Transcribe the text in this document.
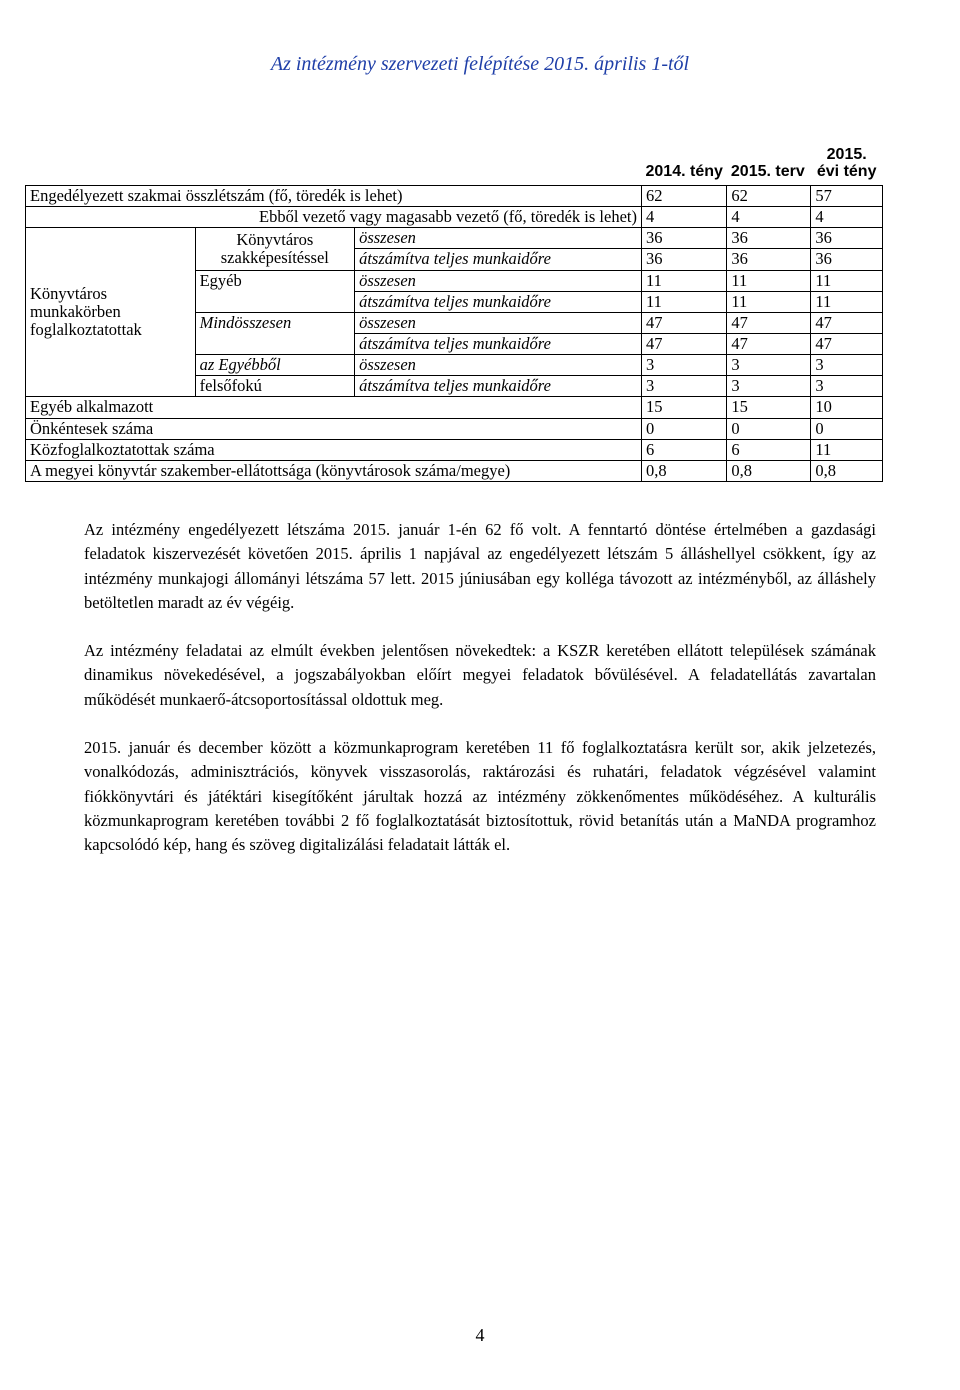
Az intézmény szervezeti felépítése 2015. április 1-től
			2014. tény	2015. terv	2015. évi tény
Engedélyezett szakmai összlétszám (fő, töredék is lehet)			62	62	57
Ebből vezető vagy magasabb vezető (fő, töredék is lehet)			4	4	4
Könyvtáros munkakörben foglalkoztatottak	Könyvtáros szakképesítéssel	összesen	36	36	36
		átszámítva teljes munkaidőre	36	36	36
	Egyéb	összesen	11	11	11
		átszámítva teljes munkaidőre	11	11	11
	Mindösszesen	összesen	47	47	47
		átszámítva teljes munkaidőre	47	47	47
	az Egyébből	összesen	3	3	3
	felsőfokú	átszámítva teljes munkaidőre	3	3	3
Egyéb alkalmazott			15	15	10
Önkéntesek száma			0	0	0
Közfoglalkoztatottak száma			6	6	11
A megyei könyvtár szakember-ellátottsága (könyvtárosok száma/megye)			0,8	0,8	0,8

Az intézmény engedélyezett létszáma 2015. január 1-én 62 fő volt. A fenntartó döntése értelmében a gazdasági feladatok kiszervezését követően 2015. április 1 napjával az engedélyezett létszám 5 álláshellyel csökkent, így az intézmény munkajogi állományi létszáma 57 lett. 2015 júniusában egy kolléga távozott az intézményből, az álláshely betöltetlen maradt az év végéig.

Az intézmény feladatai az elmúlt években jelentősen növekedtek: a KSZR keretében ellátott települések számának dinamikus növekedésével, a jogszabályokban előírt megyei feladatok bővülésével. A feladatellátás zavartalan működését munkaerő-átcsoportosítással oldottuk meg.

2015. január és december között a közmunkaprogram keretében 11 fő foglalkoztatásra került sor, akik jelzetezés, vonalkódozás, adminisztrációs, könyvek visszasorolás, raktározási és ruhatári, feladatok végzésével valamint fiókkönyvtári és játéktári kisegítőként járultak hozzá az intézmény zökkenőmentes működéséhez. A kulturális közmunkaprogram keretében további 2 fő foglalkoztatását biztosítottuk, rövid betanítás után a MaNDA programhoz kapcsolódó kép, hang és szöveg digitalizálási feladatait látták el.

4
